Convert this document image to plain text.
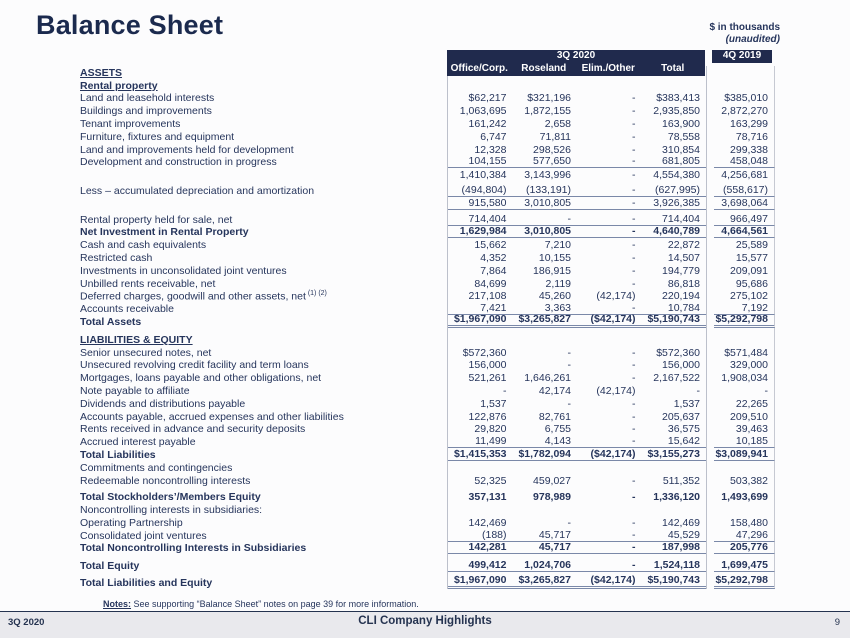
Balance Sheet	$ in thousands
(unaudited)
3Q 2020
Office/Corp.	Roseland	Elim./Other	Total
4Q 2019
ASSETS
Rental property
Land and leasehold interests	$62,217	$321,196	-	$383,413	$385,010
Buildings and improvements	1,063,695	1,872,155	-	2,935,850	2,872,270
Tenant improvements	161,242	2,658	-	163,900	163,299
Furniture, fixtures and equipment	6,747	71,811	-	78,558	78,716
Land and improvements held for development	12,328	298,526	-	310,854	299,338
Development and construction in progress	104,155	577,650	-	681,805	458,048
1,410,384	3,143,996	-	4,554,380	4,256,681
Less – accumulated depreciation and amortization	(494,804)	(133,191)	-	(627,995)	(558,617)
915,580	3,010,805	-	3,926,385	3,698,064
Rental property held for sale, net	714,404	-	-	714,404	966,497
Net Investment in Rental Property	1,629,984	3,010,805	-	4,640,789	4,664,561
Cash and cash equivalents	15,662	7,210	-	22,872	25,589
Restricted cash	4,352	10,155	-	14,507	15,577
Investments in unconsolidated joint ventures	7,864	186,915	-	194,779	209,091
Unbilled rents receivable, net	84,699	2,119	-	86,818	95,686
Deferred charges, goodwill and other assets, net $^{(1) (2)}$	217,108	45,260	(42,174)	220,194	275,102
Accounts receivable	7,421	3,363	-	10,784	7,192
Total Assets	$1,967,090	$3,265,827	($42,174)	$5,190,743	$5,292,798
LIABILITIES & EQUITY
Senior unsecured notes, net	$572,360	-	-	$572,360	$571,484
Unsecured revolving credit facility and term loans	156,000	-	-	156,000	329,000
Mortgages, loans payable and other obligations, net	521,261	1,646,261	-	2,167,522	1,908,034
Note payable to affiliate	-	42,174	(42,174)	-	-
Dividends and distributions payable	1,537	-	-	1,537	22,265
Accounts payable, accrued expenses and other liabilities	122,876	82,761	-	205,637	209,510
Rents received in advance and security deposits	29,820	6,755	-	36,575	39,463
Accrued interest payable	11,499	4,143	-	15,642	10,185
Total Liabilities	$1,415,353	$1,782,094	($42,174)	$3,155,273	$3,089,941
Commitments and contingencies
Redeemable noncontrolling interests	52,325	459,027	-	511,352	503,382
Total Stockholders’/Members Equity	357,131	978,989	-	1,336,120	1,493,699
Noncontrolling interests in subsidiaries:
Operating Partnership	142,469	-	-	142,469	158,480
Consolidated joint ventures	(188)	45,717	-	45,529	47,296
Total Noncontrolling Interests in Subsidiaries	142,281	45,717	-	187,998	205,776
Total Equity	499,412	1,024,706	-	1,524,118	1,699,475
Total Liabilities and Equity	$1,967,090	$3,265,827	($42,174)	$5,190,743	$5,292,798
Notes: See supporting “Balance Sheet” notes on page 39 for more information.
3Q 2020	CLI Company Highlights	9
